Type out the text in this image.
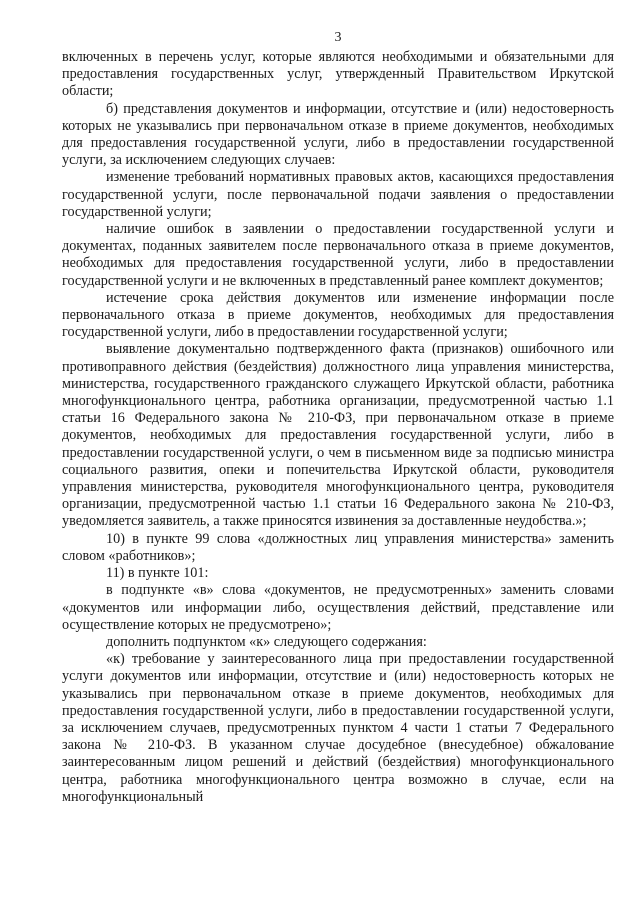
3

включенных в перечень услуг, которые являются необходимыми и обязательными для предоставления государственных услуг, утвержденный Правительством Иркутской области;

б) представления документов и информации, отсутствие и (или) недостоверность которых не указывались при первоначальном отказе в приеме документов, необходимых для предоставления государственной услуги, либо в предоставлении государственной услуги, за исключением следующих случаев:

изменение требований нормативных правовых актов, касающихся предоставления государственной услуги, после первоначальной подачи заявления о предоставлении государственной услуги;

наличие ошибок в заявлении о предоставлении государственной услуги и документах, поданных заявителем после первоначального отказа в приеме документов, необходимых для предоставления государственной услуги, либо в предоставлении государственной услуги и не включенных в представленный ранее комплект документов;

истечение срока действия документов или изменение информации после первоначального отказа в приеме документов, необходимых для предоставления государственной услуги, либо в предоставлении государственной услуги;

выявление документально подтвержденного факта (признаков) ошибочного или противоправного действия (бездействия) должностного лица управления министерства, министерства, государственного гражданского служащего Иркутской области, работника многофункционального центра, работника организации, предусмотренной частью 1.1 статьи 16 Федерального закона № 210-ФЗ, при первоначальном отказе в приеме документов, необходимых для предоставления государственной услуги, либо в предоставлении государственной услуги, о чем в письменном виде за подписью министра социального развития, опеки и попечительства Иркутской области, руководителя управления министерства, руководителя многофункционального центра, руководителя организации, предусмотренной частью 1.1 статьи 16 Федерального закона № 210-ФЗ, уведомляется заявитель, а также приносятся извинения за доставленные неудобства.»;

10) в пункте 99 слова «должностных лиц управления министерства» заменить словом «работников»;

11) в пункте 101:

в подпункте «в» слова «документов, не предусмотренных» заменить словами «документов или информации либо, осуществления действий, представление или осуществление которых не предусмотрено»;

дополнить подпунктом «к» следующего содержания:

«к) требование у заинтересованного лица при предоставлении государственной услуги документов или информации, отсутствие и (или) недостоверность которых не указывались при первоначальном отказе в приеме документов, необходимых для предоставления государственной услуги, либо в предоставлении государственной услуги, за исключением случаев, предусмотренных пунктом 4 части 1 статьи 7 Федерального закона № 210-ФЗ. В указанном случае досудебное (внесудебное) обжалование заинтересованным лицом решений и действий (бездействия) многофункционального центра, работника многофункционального центра возможно в случае, если на многофункциональный
